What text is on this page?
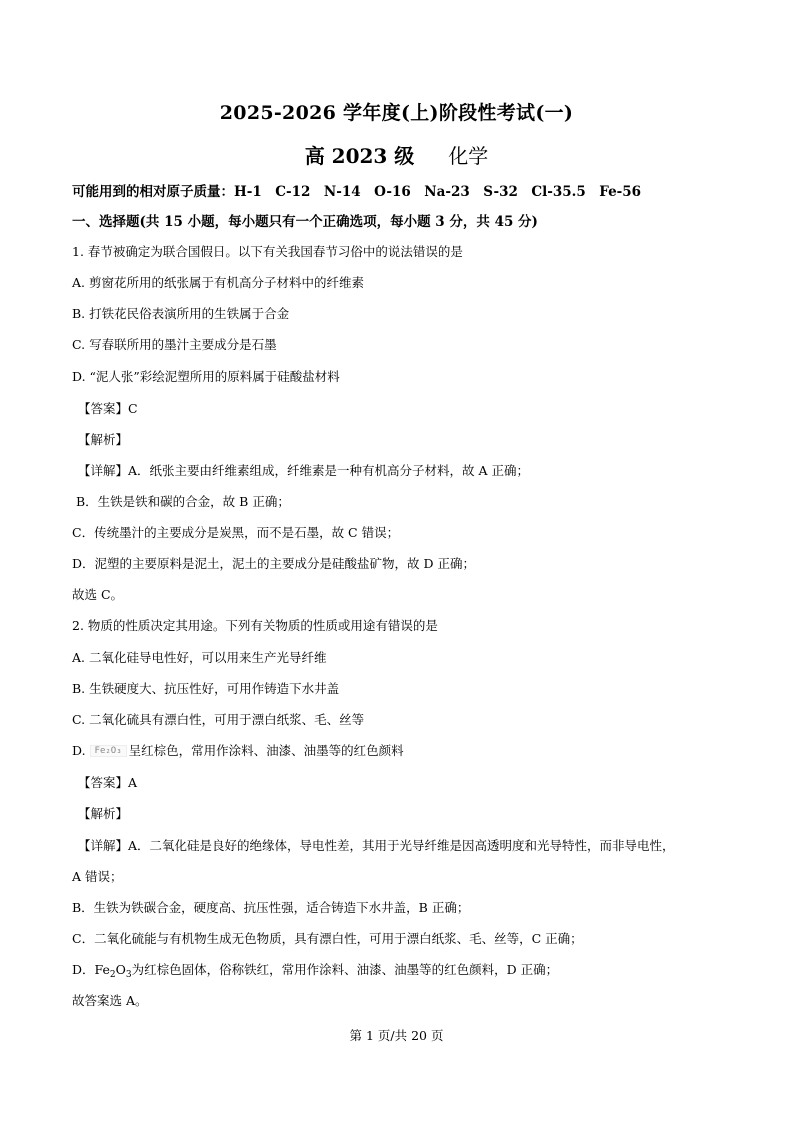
2025-2026 学年度(上)阶段性考试(一)
高 2023 级 化学
可能用到的相对原子质量：H-1　C-12　N-14　O-16　Na-23　S-32　Cl-35.5　Fe-56
一、选择题(共 15 小题，每小题只有一个正确选项，每小题 3 分，共 45 分)
1. 春节被确定为联合国假日。以下有关我国春节习俗中的说法错误的是
A. 剪窗花所用的纸张属于有机高分子材料中的纤维素
B. 打铁花民俗表演所用的生铁属于合金
C. 写春联所用的墨汁主要成分是石墨
D. “泥人张”彩绘泥塑所用的原料属于硅酸盐材料
【答案】C
【解析】
【详解】A．纸张主要由纤维素组成，纤维素是一种有机高分子材料，故 A 正确；
B．生铁是铁和碳的合金，故 B 正确；
C．传统墨汁的主要成分是炭黑，而不是石墨，故 C 错误；
D．泥塑的主要原料是泥土，泥土的主要成分是硅酸盐矿物，故 D 正确；
故选 C。
2. 物质的性质决定其用途。下列有关物质的性质或用途有错误的是
A. 二氧化硅导电性好，可以用来生产光导纤维
B. 生铁硬度大、抗压性好，可用作铸造下水井盖
C. 二氧化硫具有漂白性，可用于漂白纸浆、毛、丝等
D. Fe₂O₃ 呈红棕色，常用作涂料、油漆、油墨等的红色颜料
【答案】A
【解析】
【详解】A．二氧化硅是良好的绝缘体，导电性差，其用于光导纤维是因高透明度和光导特性，而非导电性，
A 错误；
B．生铁为铁碳合金，硬度高、抗压性强，适合铸造下水井盖，B 正确；
C．二氧化硫能与有机物生成无色物质，具有漂白性，可用于漂白纸浆、毛、丝等，C 正确；
D．$Fe_2O_3$为红棕色固体，俗称铁红，常用作涂料、油漆、油墨等的红色颜料，D 正确；
故答案选 A。
第 1 页/共 20 页
